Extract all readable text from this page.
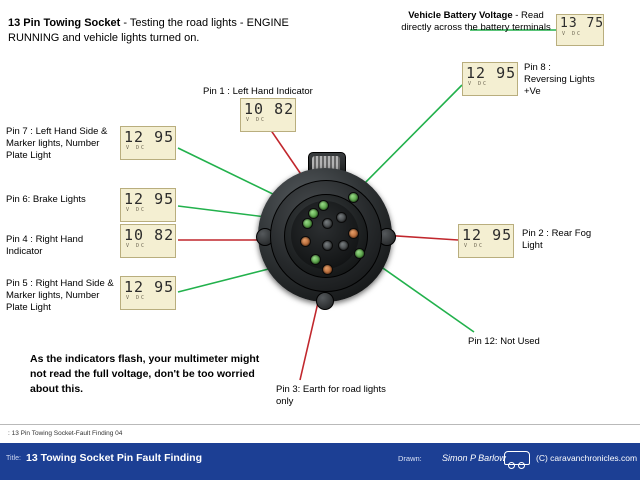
13 Pin Towing Socket - Testing the road lights - ENGINE RUNNING and vehicle lights turned on.
Vehicle Battery Voltage - Read directly across the battery terminals 13 75
V DC
12 95
V DC
10 82
V DC
12 95
V DC
12 95
V DC
10 82
V DC
12 95
V DC
12 95
V DC
Pin 1 : Left Hand Indicator
Pin 8 : Reversing Lights +Ve
Pin 7 : Left Hand Side & Marker lights, Number Plate Light
Pin 6: Brake Lights
Pin 4 : Right Hand Indicator
Pin 5 : Right Hand Side & Marker lights, Number Plate Light
Pin 2 : Rear Fog Light
Pin 12: Not Used
Pin 3: Earth for road lights only
As the indicators flash, your multimeter might not read the full voltage, don't be too worried about this.
: 13 Pin Towing Socket-Fault Finding 04
Title: 13 Towing Socket Pin Fault Finding	Drawn: Simon P Barlow	(C) caravanchronicles.com
